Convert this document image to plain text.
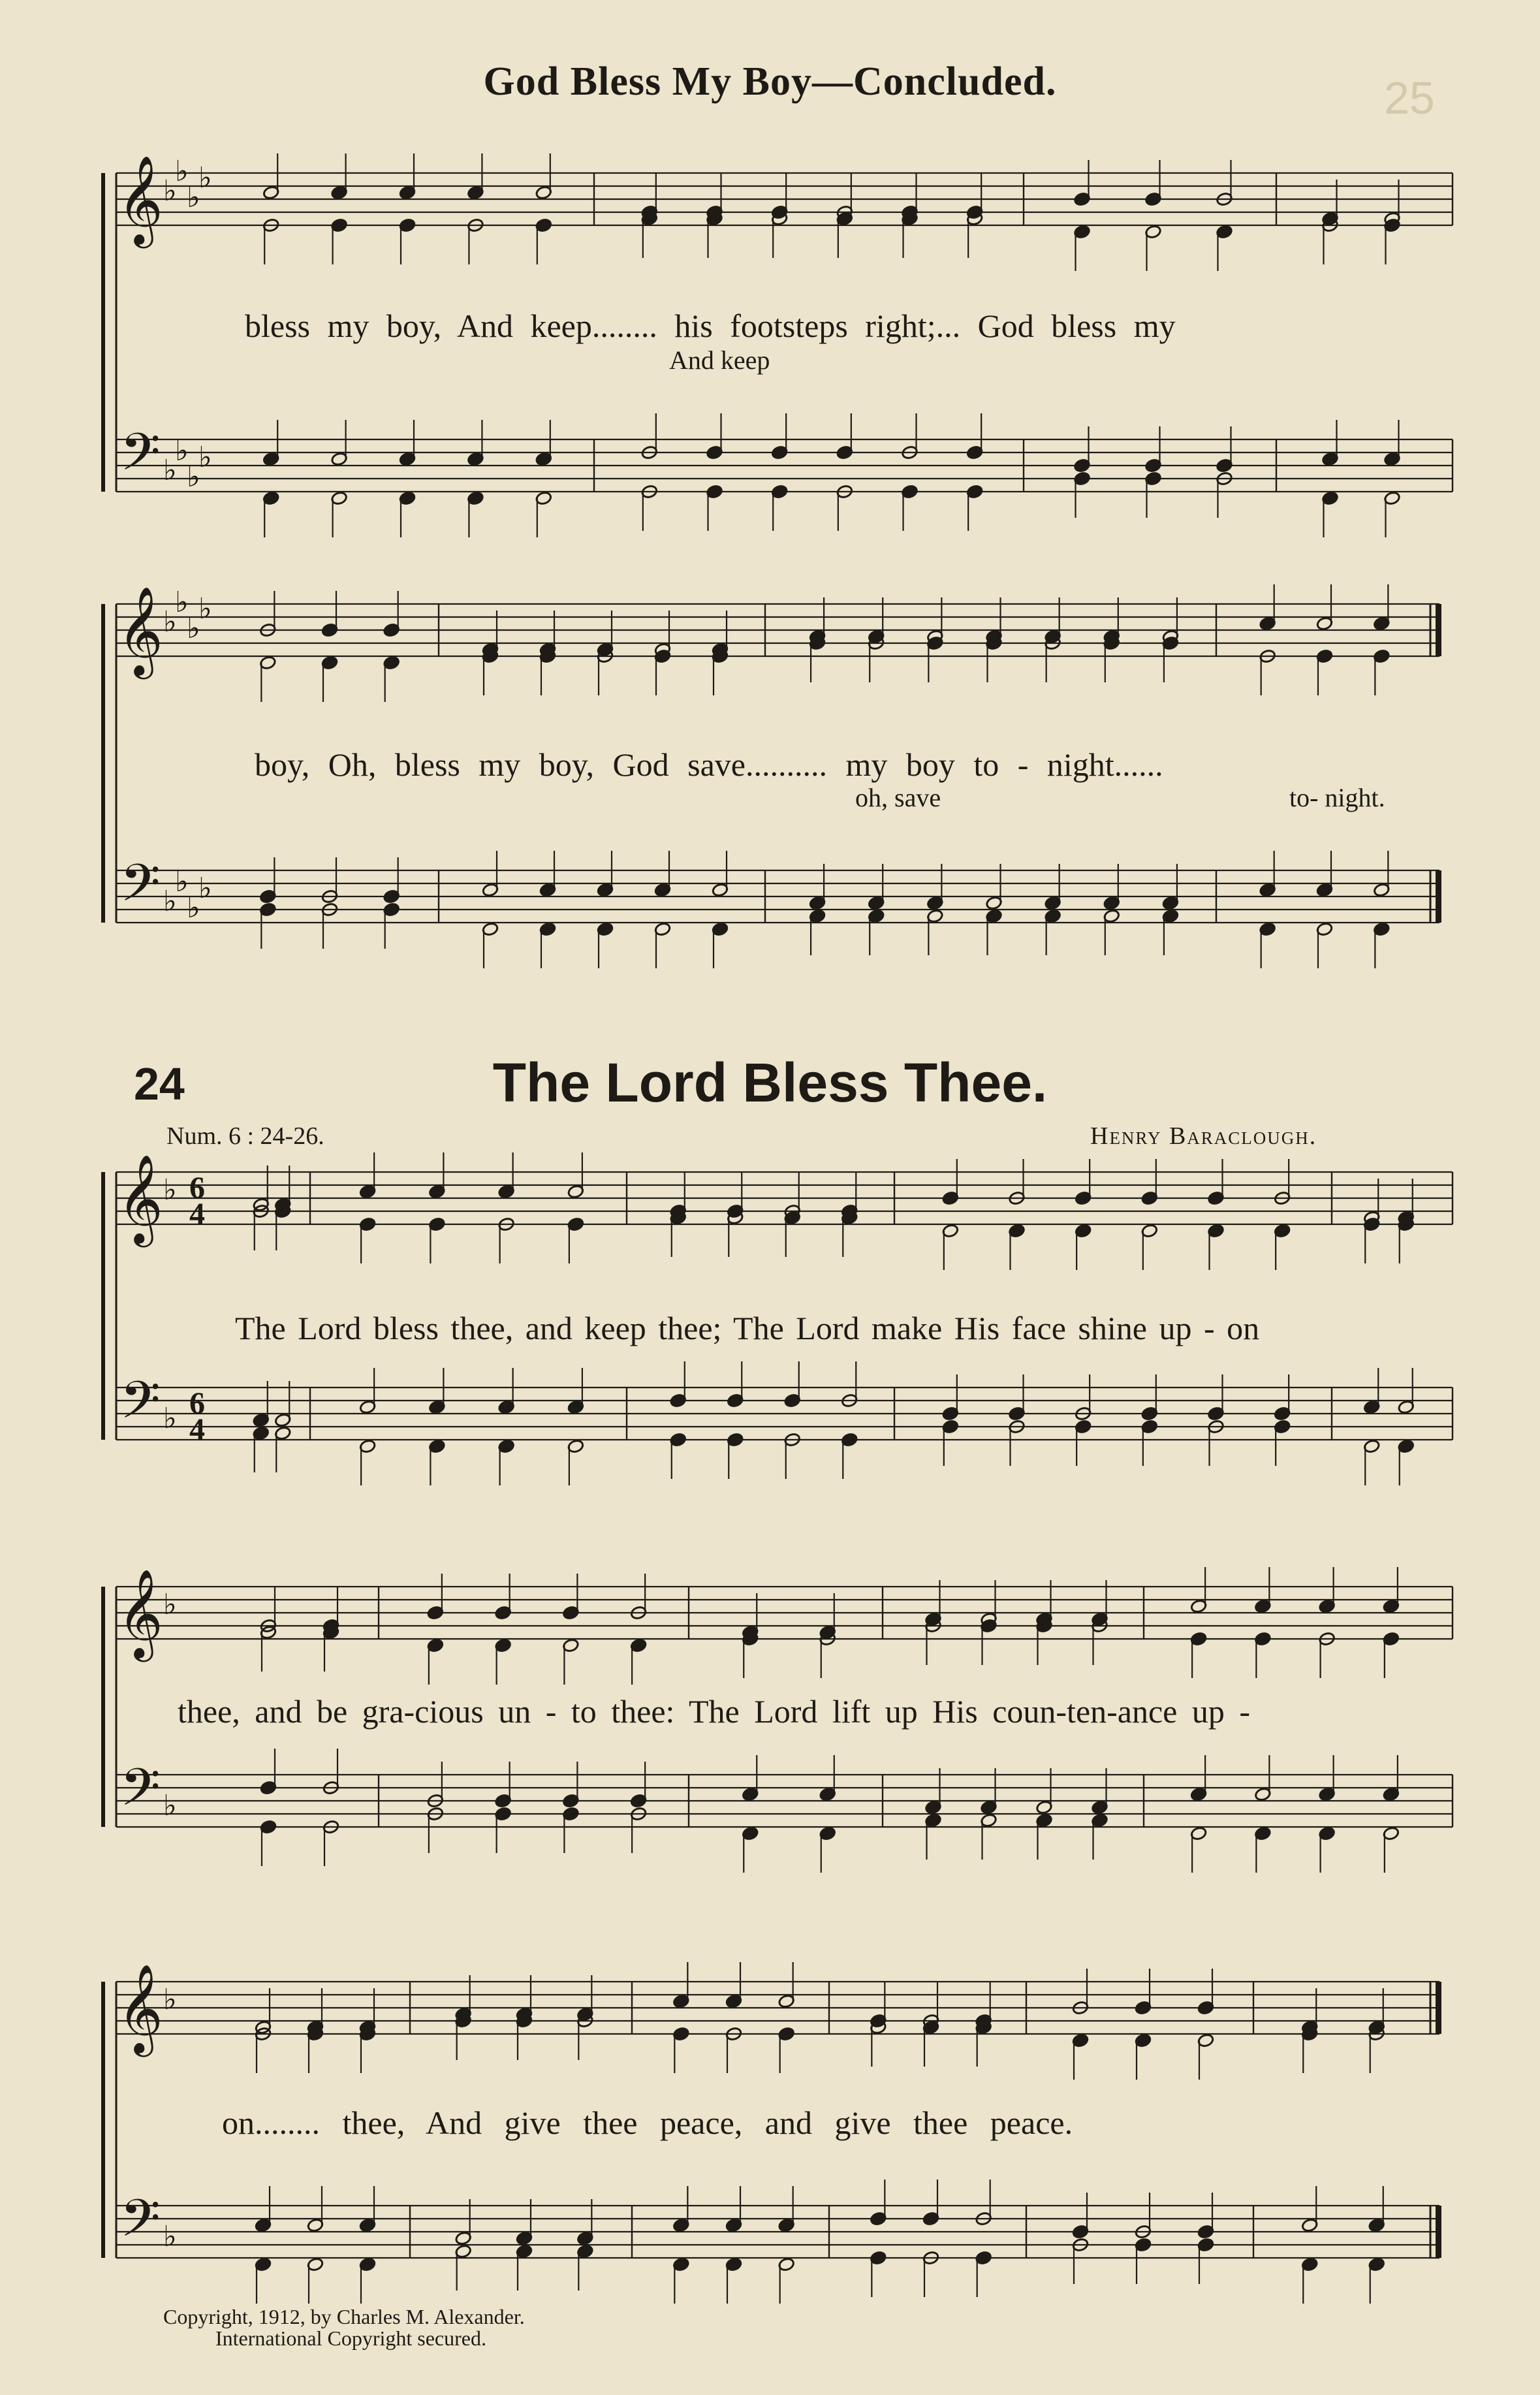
25
God Bless My Boy—Concluded.
𝄞
𝄢
♭
♭
♭
♭
♭
♭
♭
♭
𝄞
𝄢
♭
♭
♭
♭
♭
♭
♭
♭
𝄞
𝄢
♭
♭
6
4
6
4
𝄞
𝄢
♭
♭
𝄞
𝄢
♭
♭
bless my boy, And keep........ his footsteps right;... God bless my
And keep
boy, Oh, bless my boy, God save.......... my boy to - night......
oh, save	to- night.
24	The Lord Bless Thee.
Num. 6 : 24-26.	Henry Baraclough.
The Lord bless thee, and keep thee; The Lord make His face shine up - on
thee, and be gra-cious un - to thee: The Lord lift up His coun-ten-ance up -
on........ thee, And give thee peace, and give thee peace.
Copyright, 1912, by Charles M. Alexander.
International Copyright secured.
